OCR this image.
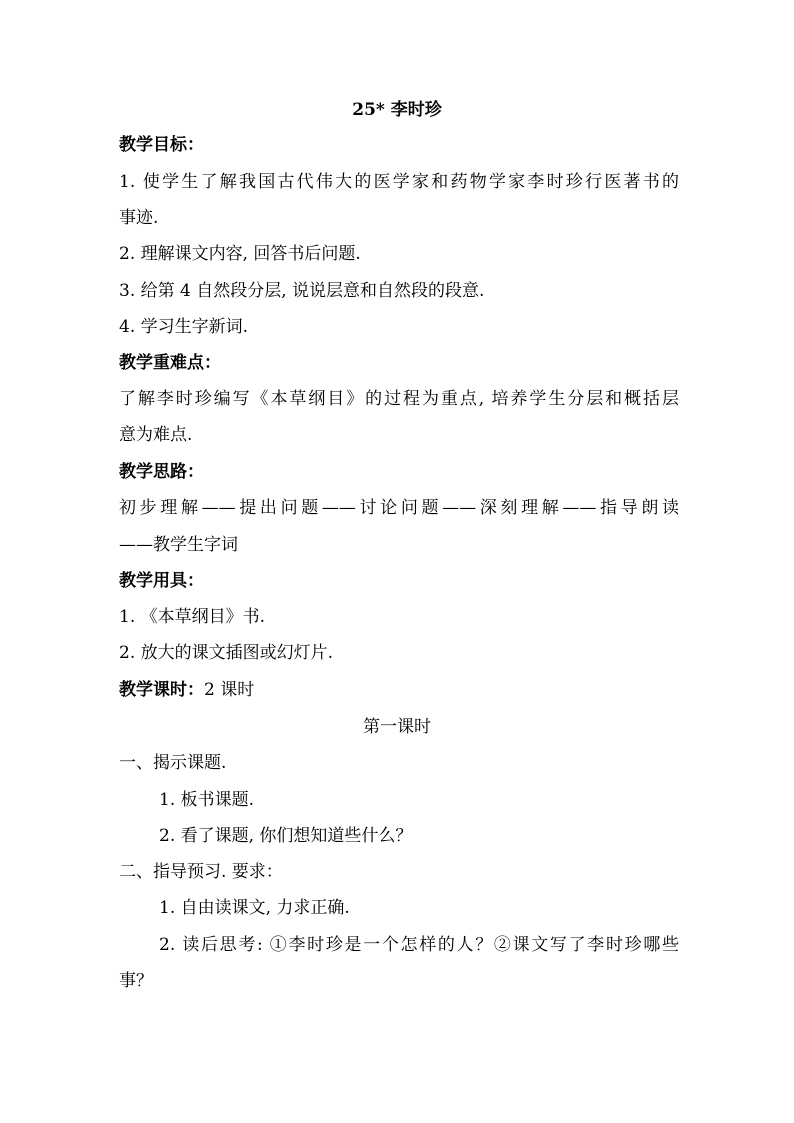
25* 李时珍
教学目标：
1. 使学生了解我国古代伟大的医学家和药物学家李时珍行医著书的
事迹.
2. 理解课文内容, 回答书后问题.
3. 给第 4 自然段分层, 说说层意和自然段的段意.
4. 学习生字新词.
教学重难点：
了解李时珍编写《本草纲目》的过程为重点, 培养学生分层和概括层
意为难点.
教学思路：
初步理解——提出问题——讨论问题——深刻理解——指导朗读
——教学生字词
教学用具：
1. 《本草纲目》书.
2. 放大的课文插图或幻灯片.
教学课时：2 课时
第一课时
一、揭示课题.
1. 板书课题.
2. 看了课题, 你们想知道些什么？
二、指导预习. 要求：
1. 自由读课文, 力求正确.
2. 读后思考: ①李时珍是一个怎样的人？②课文写了李时珍哪些
事？
